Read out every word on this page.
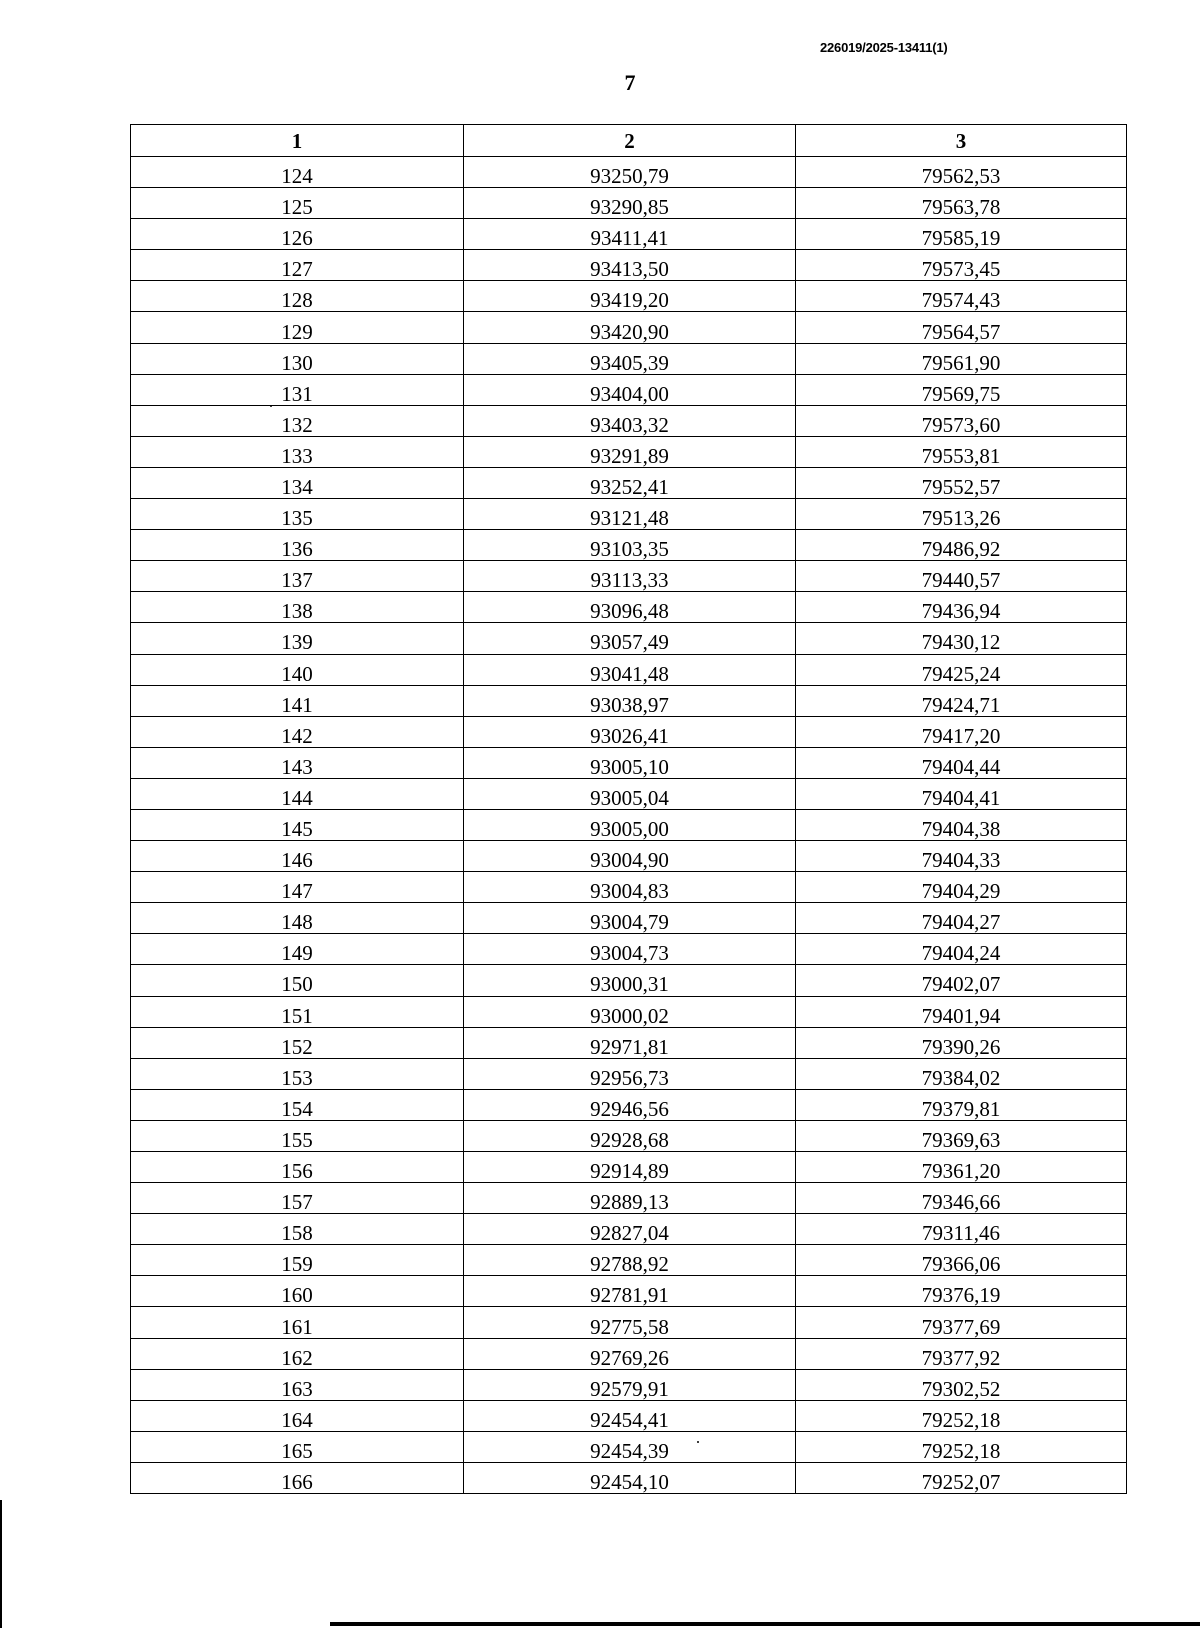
226019/2025-13411(1)
7
1	2	3
124	93250,79	79562,53
125	93290,85	79563,78
126	93411,41	79585,19
127	93413,50	79573,45
128	93419,20	79574,43
129	93420,90	79564,57
130	93405,39	79561,90
131	93404,00	79569,75
132	93403,32	79573,60
133	93291,89	79553,81
134	93252,41	79552,57
135	93121,48	79513,26
136	93103,35	79486,92
137	93113,33	79440,57
138	93096,48	79436,94
139	93057,49	79430,12
140	93041,48	79425,24
141	93038,97	79424,71
142	93026,41	79417,20
143	93005,10	79404,44
144	93005,04	79404,41
145	93005,00	79404,38
146	93004,90	79404,33
147	93004,83	79404,29
148	93004,79	79404,27
149	93004,73	79404,24
150	93000,31	79402,07
151	93000,02	79401,94
152	92971,81	79390,26
153	92956,73	79384,02
154	92946,56	79379,81
155	92928,68	79369,63
156	92914,89	79361,20
157	92889,13	79346,66
158	92827,04	79311,46
159	92788,92	79366,06
160	92781,91	79376,19
161	92775,58	79377,69
162	92769,26	79377,92
163	92579,91	79302,52
164	92454,41	79252,18
165	92454,39	79252,18
166	92454,10	79252,07
